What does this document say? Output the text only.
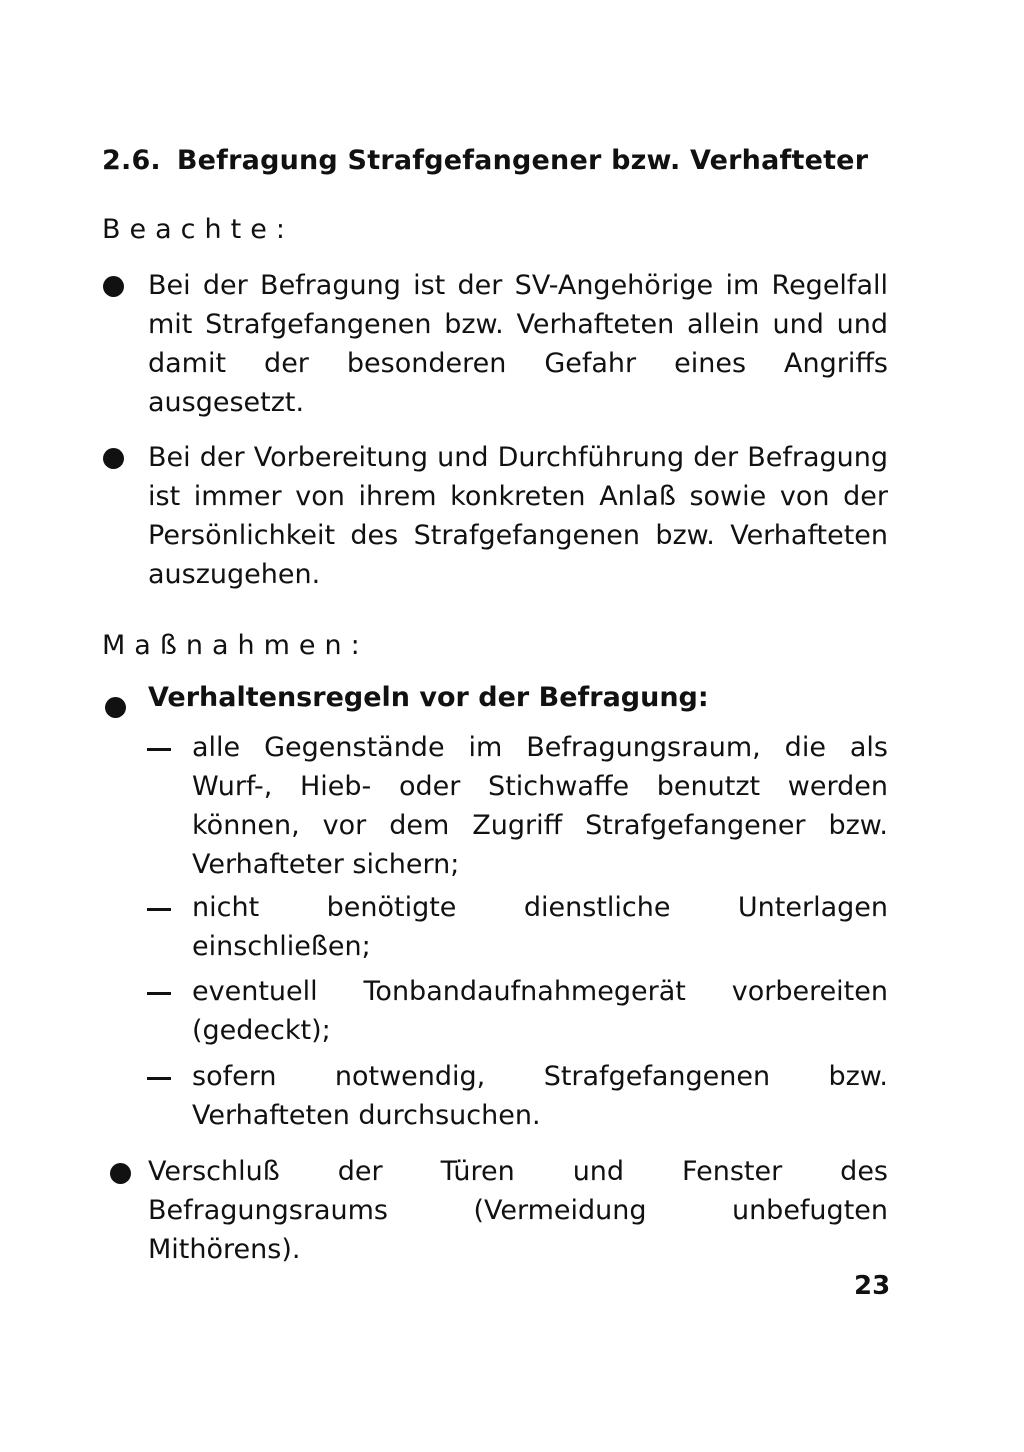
2.6. Befragung Strafgefangener bzw. Verhafteter
Beachte:
Bei der Befragung ist der SV-Angehörige im Regelfall mit Strafgefangenen bzw. Verhafteten allein und und damit der besonderen Gefahr eines Angriffs ausgesetzt.
Bei der Vorbereitung und Durchführung der Befragung ist immer von ihrem konkreten Anlaß sowie von der Persönlichkeit des Strafgefangenen bzw. Verhafteten auszugehen.
Maßnahmen:
Verhaltensregeln vor der Befragung:
alle Gegenstände im Befragungsraum, die als Wurf-, Hieb- oder Stichwaffe benutzt werden können, vor dem Zugriff Strafgefangener bzw. Verhafteter sichern;
nicht benötigte dienstliche Unterlagen einschließen;
eventuell Tonbandaufnahmegerät vorbereiten (gedeckt);
sofern notwendig, Strafgefangenen bzw. Verhafteten durchsuchen.
Verschluß der Türen und Fenster des Befragungsraums (Vermeidung unbefugten Mithörens).
23
